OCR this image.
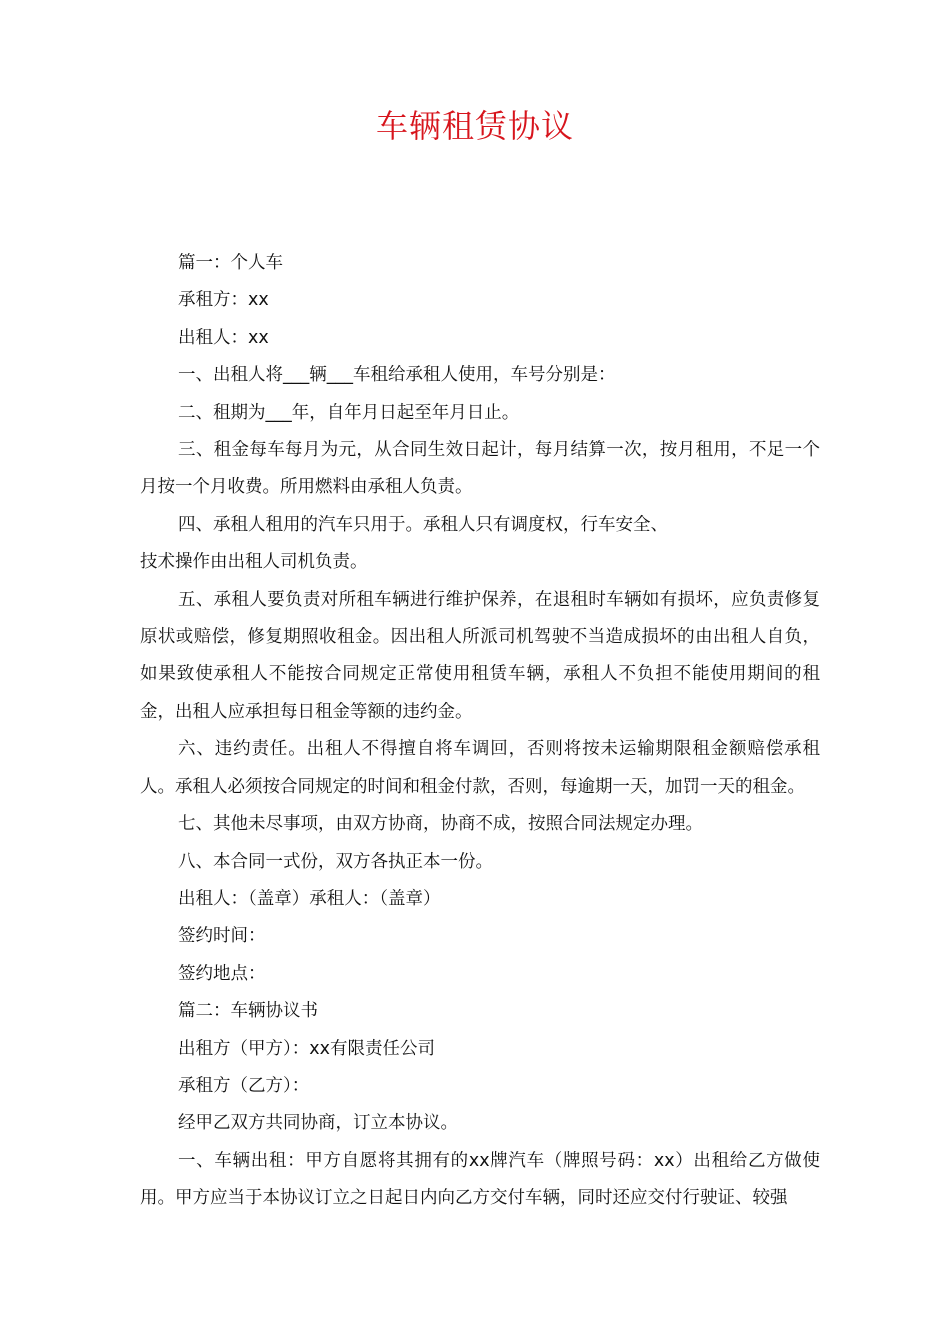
车辆租赁协议

篇一：个人车

承租方：xx

出租人：xx

一、出租人将___辆___车租给承租人使用，车号分别是：

二、租期为___年，自年月日起至年月日止。

三、租金每车每月为元，从合同生效日起计，每月结算一次，按月租用，不足一个月按一个月收费。所用燃料由承租人负责。

四、承租人租用的汽车只用于。承租人只有调度权，行车安全、

技术操作由出租人司机负责。

五、承租人要负责对所租车辆进行维护保养，在退租时车辆如有损坏，应负责修复原状或赔偿，修复期照收租金。因出租人所派司机驾驶不当造成损坏的由出租人自负，如果致使承租人不能按合同规定正常使用租赁车辆，承租人不负担不能使用期间的租金，出租人应承担每日租金等额的违约金。

六、违约责任。出租人不得擅自将车调回，否则将按未运输期限租金额赔偿承租人。承租人必须按合同规定的时间和租金付款，否则，每逾期一天，加罚一天的租金。

七、其他未尽事项，由双方协商，协商不成，按照合同法规定办理。

八、本合同一式份，双方各执正本一份。

出租人：（盖章）承租人：（盖章）

签约时间：

签约地点：

篇二：车辆协议书

出租方（甲方）：xx有限责任公司

承租方（乙方）：

经甲乙双方共同协商，订立本协议。

一、车辆出租：甲方自愿将其拥有的xx牌汽车（牌照号码：xx）出租给乙方做使用。甲方应当于本协议订立之日起日内向乙方交付车辆，同时还应交付行驶证、较强
